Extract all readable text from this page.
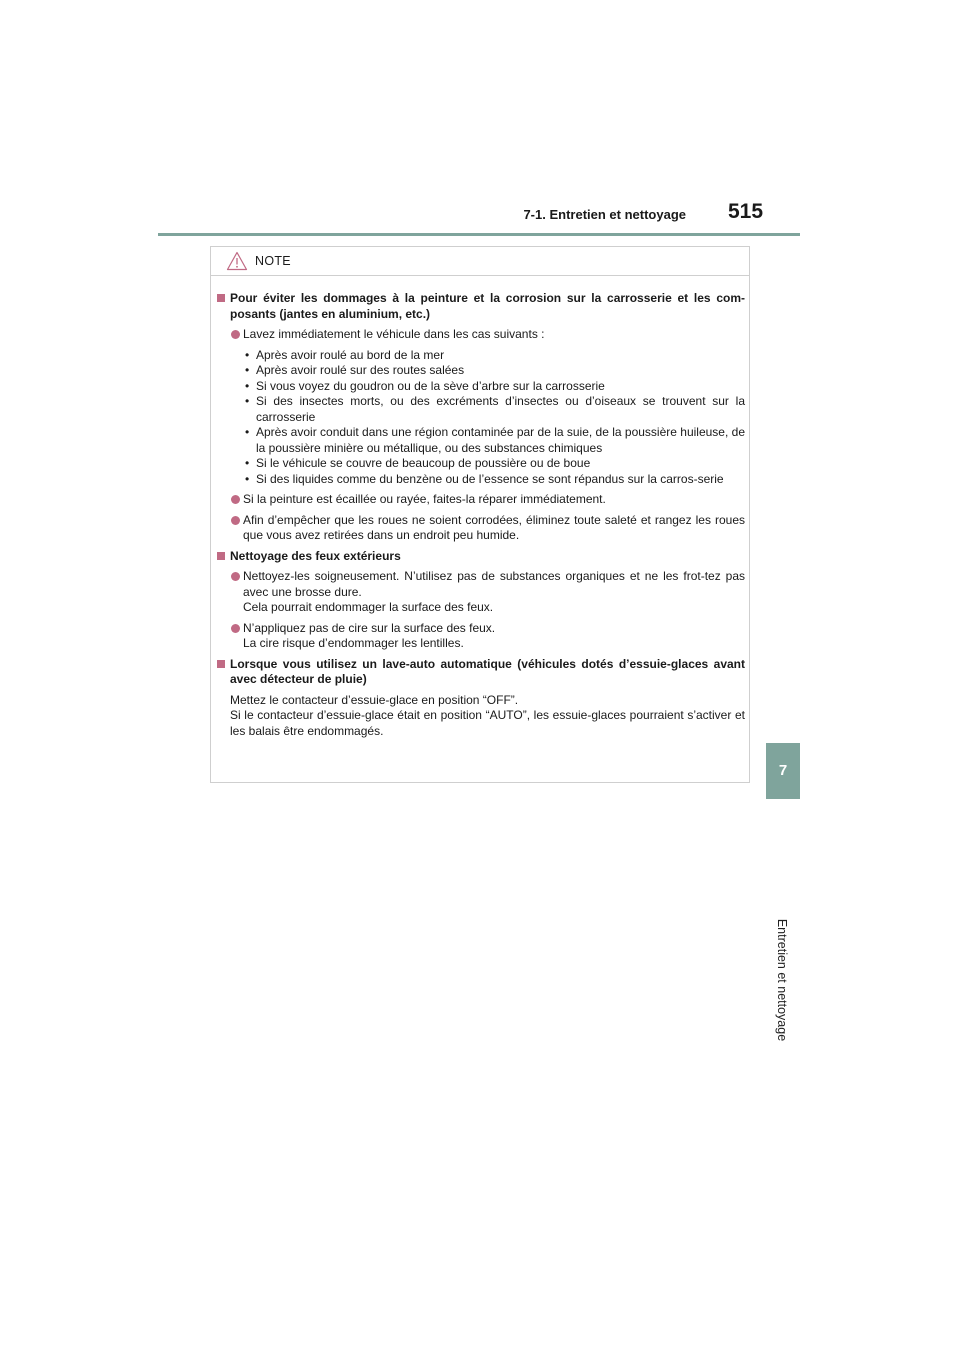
7-1. Entretien et nettoyage 515
7
Entretien et nettoyage
NOTE
Pour éviter les dommages à la peinture et la corrosion sur la carrosserie et les com-posants (jantes en aluminium, etc.)
Lavez immédiatement le véhicule dans les cas suivants :
• Après avoir roulé au bord de la mer
• Après avoir roulé sur des routes salées
• Si vous voyez du goudron ou de la sève d’arbre sur la carrosserie
• Si des insectes morts, ou des excréments d’insectes ou d’oiseaux se trouvent sur la carrosserie
• Après avoir conduit dans une région contaminée par de la suie, de la poussière huileuse, de la poussière minière ou métallique, ou des substances chimiques
• Si le véhicule se couvre de beaucoup de poussière ou de boue
• Si des liquides comme du benzène ou de l’essence se sont répandus sur la carros-serie
Si la peinture est écaillée ou rayée, faites-la réparer immédiatement.
Afin d’empêcher que les roues ne soient corrodées, éliminez toute saleté et rangez les roues que vous avez retirées dans un endroit peu humide.
Nettoyage des feux extérieurs
Nettoyez-les soigneusement. N’utilisez pas de substances organiques et ne les frot-tez pas avec une brosse dure.
Cela pourrait endommager la surface des feux.
N’appliquez pas de cire sur la surface des feux.
La cire risque d’endommager les lentilles.
Lorsque vous utilisez un lave-auto automatique (véhicules dotés d’essuie-glaces avant avec détecteur de pluie)
Mettez le contacteur d’essuie-glace en position “OFF”.
Si le contacteur d’essuie-glace était en position “AUTO”, les essuie-glaces pourraient s’activer et les balais être endommagés.
